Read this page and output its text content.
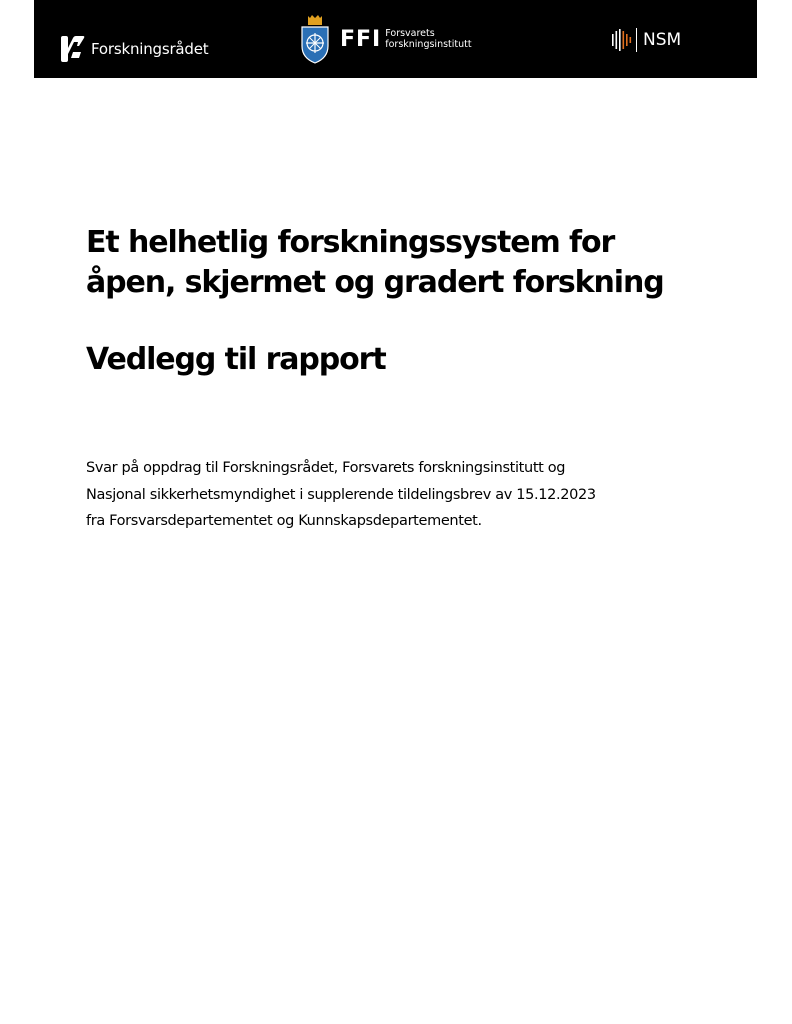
Forskningsrådet	FFI Forsvarets
forskningsinstitutt	NSM
Et helhetlig forskningssystem for
åpen, skjermet og gradert forskning
Vedlegg til rapport
Svar på oppdrag til Forskningsrådet, Forsvarets forskningsinstitutt og
Nasjonal sikkerhetsmyndighet i supplerende tildelingsbrev av 15.12.2023
fra Forsvarsdepartementet og Kunnskapsdepartementet.
